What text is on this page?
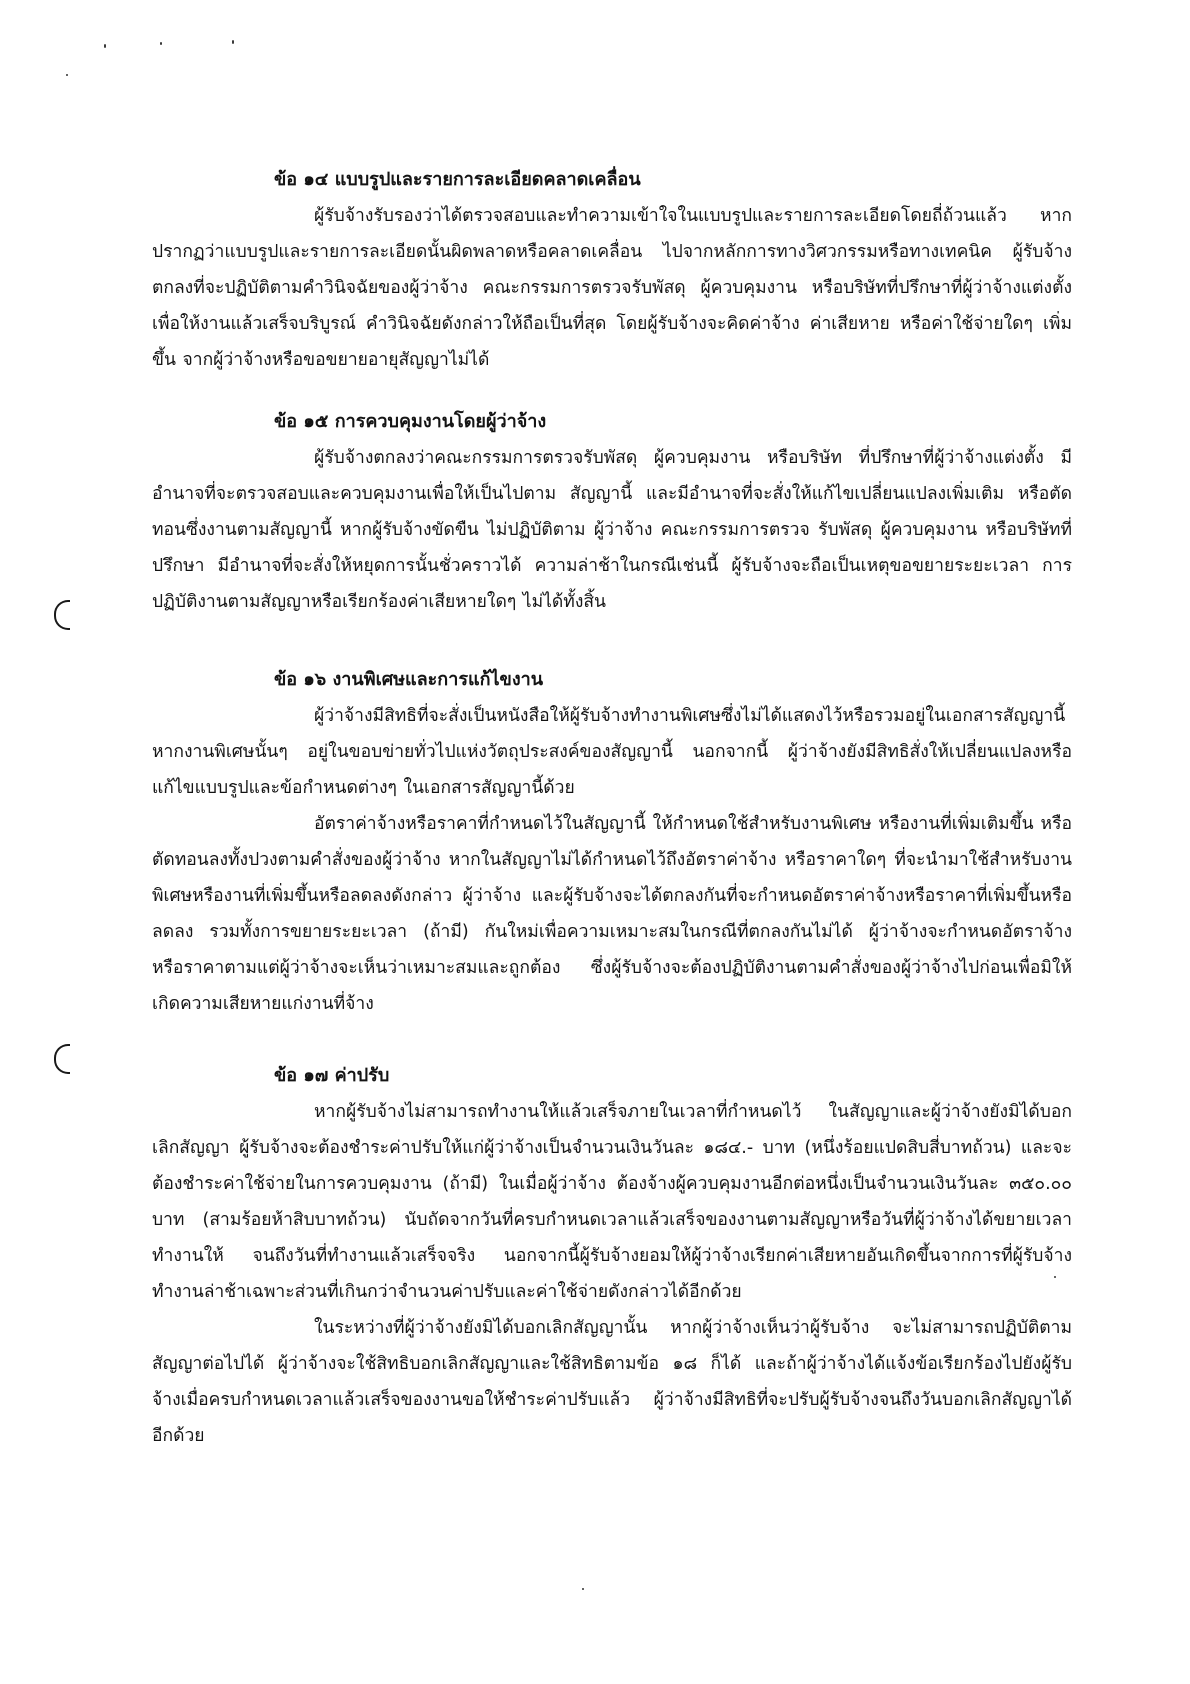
ข้อ ๑๔ แบบรูปและรายการละเอียดคลาดเคลื่อน

ผู้รับจ้างรับรองว่าได้ตรวจสอบและทำความเข้าใจในแบบรูปและรายการละเอียดโดยถี่ถ้วนแล้ว หากปรากฏว่าแบบรูปและรายการละเอียดนั้นผิดพลาดหรือคลาดเคลื่อน ไปจากหลักการทางวิศวกรรมหรือทางเทคนิค ผู้รับจ้างตกลงที่จะปฏิบัติตามคำวินิจฉัยของผู้ว่าจ้าง คณะกรรมการตรวจรับพัสดุ ผู้ควบคุมงาน หรือบริษัทที่ปรึกษาที่ผู้ว่าจ้างแต่งตั้ง เพื่อให้งานแล้วเสร็จบริบูรณ์ คำวินิจฉัยดังกล่าวให้ถือเป็นที่สุด โดยผู้รับจ้างจะคิดค่าจ้าง ค่าเสียหาย หรือค่าใช้จ่ายใดๆ เพิ่มขึ้น จากผู้ว่าจ้างหรือขอขยายอายุสัญญาไม่ได้

ข้อ ๑๕ การควบคุมงานโดยผู้ว่าจ้าง

ผู้รับจ้างตกลงว่าคณะกรรมการตรวจรับพัสดุ ผู้ควบคุมงาน หรือบริษัท ที่ปรึกษาที่ผู้ว่าจ้างแต่งตั้ง มีอำนาจที่จะตรวจสอบและควบคุมงานเพื่อให้เป็นไปตาม สัญญานี้ และมีอำนาจที่จะสั่งให้แก้ไขเปลี่ยนแปลงเพิ่มเติม หรือตัดทอนซึ่งงานตามสัญญานี้ หากผู้รับจ้างขัดขืน ไม่ปฏิบัติตาม ผู้ว่าจ้าง คณะกรรมการตรวจ รับพัสดุ ผู้ควบคุมงาน หรือบริษัทที่ปรึกษา มีอำนาจที่จะสั่งให้หยุดการนั้นชั่วคราวได้ ความล่าช้าในกรณีเช่นนี้ ผู้รับจ้างจะถือเป็นเหตุขอขยายระยะเวลา การปฏิบัติงานตามสัญญาหรือเรียกร้องค่าเสียหายใดๆ ไม่ได้ทั้งสิ้น

ข้อ ๑๖ งานพิเศษและการแก้ไขงาน

ผู้ว่าจ้างมีสิทธิที่จะสั่งเป็นหนังสือให้ผู้รับจ้างทำงานพิเศษซึ่งไม่ได้แสดงไว้หรือรวมอยู่ในเอกสารสัญญานี้ หากงานพิเศษนั้นๆ อยู่ในขอบข่ายทั่วไปแห่งวัตถุประสงค์ของสัญญานี้ นอกจากนี้ ผู้ว่าจ้างยังมีสิทธิสั่งให้เปลี่ยนแปลงหรือแก้ไขแบบรูปและข้อกำหนดต่างๆ ในเอกสารสัญญานี้ด้วย

อัตราค่าจ้างหรือราคาที่กำหนดไว้ในสัญญานี้ ให้กำหนดใช้สำหรับงานพิเศษ หรืองานที่เพิ่มเติมขึ้น หรือตัดทอนลงทั้งปวงตามคำสั่งของผู้ว่าจ้าง หากในสัญญาไม่ได้กำหนดไว้ถึงอัตราค่าจ้าง หรือราคาใดๆ ที่จะนำมาใช้สำหรับงานพิเศษหรืองานที่เพิ่มขึ้นหรือลดลงดังกล่าว ผู้ว่าจ้าง และผู้รับจ้างจะได้ตกลงกันที่จะกำหนดอัตราค่าจ้างหรือราคาที่เพิ่มขึ้นหรือลดลง รวมทั้งการขยายระยะเวลา (ถ้ามี) กันใหม่เพื่อความเหมาะสมในกรณีที่ตกลงกันไม่ได้ ผู้ว่าจ้างจะกำหนดอัตราจ้าง หรือราคาตามแต่ผู้ว่าจ้างจะเห็นว่าเหมาะสมและถูกต้อง ซึ่งผู้รับจ้างจะต้องปฏิบัติงานตามคำสั่งของผู้ว่าจ้างไปก่อนเพื่อมิให้เกิดความเสียหายแก่งานที่จ้าง

ข้อ ๑๗ ค่าปรับ

หากผู้รับจ้างไม่สามารถทำงานให้แล้วเสร็จภายในเวลาที่กำหนดไว้ ในสัญญาและผู้ว่าจ้างยังมิได้บอกเลิกสัญญา ผู้รับจ้างจะต้องชำระค่าปรับให้แก่ผู้ว่าจ้างเป็นจำนวนเงินวันละ ๑๘๔.- บาท (หนึ่งร้อยแปดสิบสี่บาทถ้วน) และจะต้องชำระค่าใช้จ่ายในการควบคุมงาน (ถ้ามี) ในเมื่อผู้ว่าจ้าง ต้องจ้างผู้ควบคุมงานอีกต่อหนึ่งเป็นจำนวนเงินวันละ ๓๕๐.๐๐ บาท (สามร้อยห้าสิบบาทถ้วน) นับถัดจากวันที่ครบกำหนดเวลาแล้วเสร็จของงานตามสัญญาหรือวันที่ผู้ว่าจ้างได้ขยายเวลาทำงานให้ จนถึงวันที่ทำงานแล้วเสร็จจริง นอกจากนี้ผู้รับจ้างยอมให้ผู้ว่าจ้างเรียกค่าเสียหายอันเกิดขึ้นจากการที่ผู้รับจ้างทำงานล่าช้าเฉพาะส่วนที่เกินกว่าจำนวนค่าปรับและค่าใช้จ่ายดังกล่าวได้อีกด้วย

ในระหว่างที่ผู้ว่าจ้างยังมิได้บอกเลิกสัญญานั้น หากผู้ว่าจ้างเห็นว่าผู้รับจ้าง จะไม่สามารถปฏิบัติตามสัญญาต่อไปได้ ผู้ว่าจ้างจะใช้สิทธิบอกเลิกสัญญาและใช้สิทธิตามข้อ ๑๘ ก็ได้ และถ้าผู้ว่าจ้างได้แจ้งข้อเรียกร้องไปยังผู้รับจ้างเมื่อครบกำหนดเวลาแล้วเสร็จของงานขอให้ชำระค่าปรับแล้ว ผู้ว่าจ้างมีสิทธิที่จะปรับผู้รับจ้างจนถึงวันบอกเลิกสัญญาได้อีกด้วย
